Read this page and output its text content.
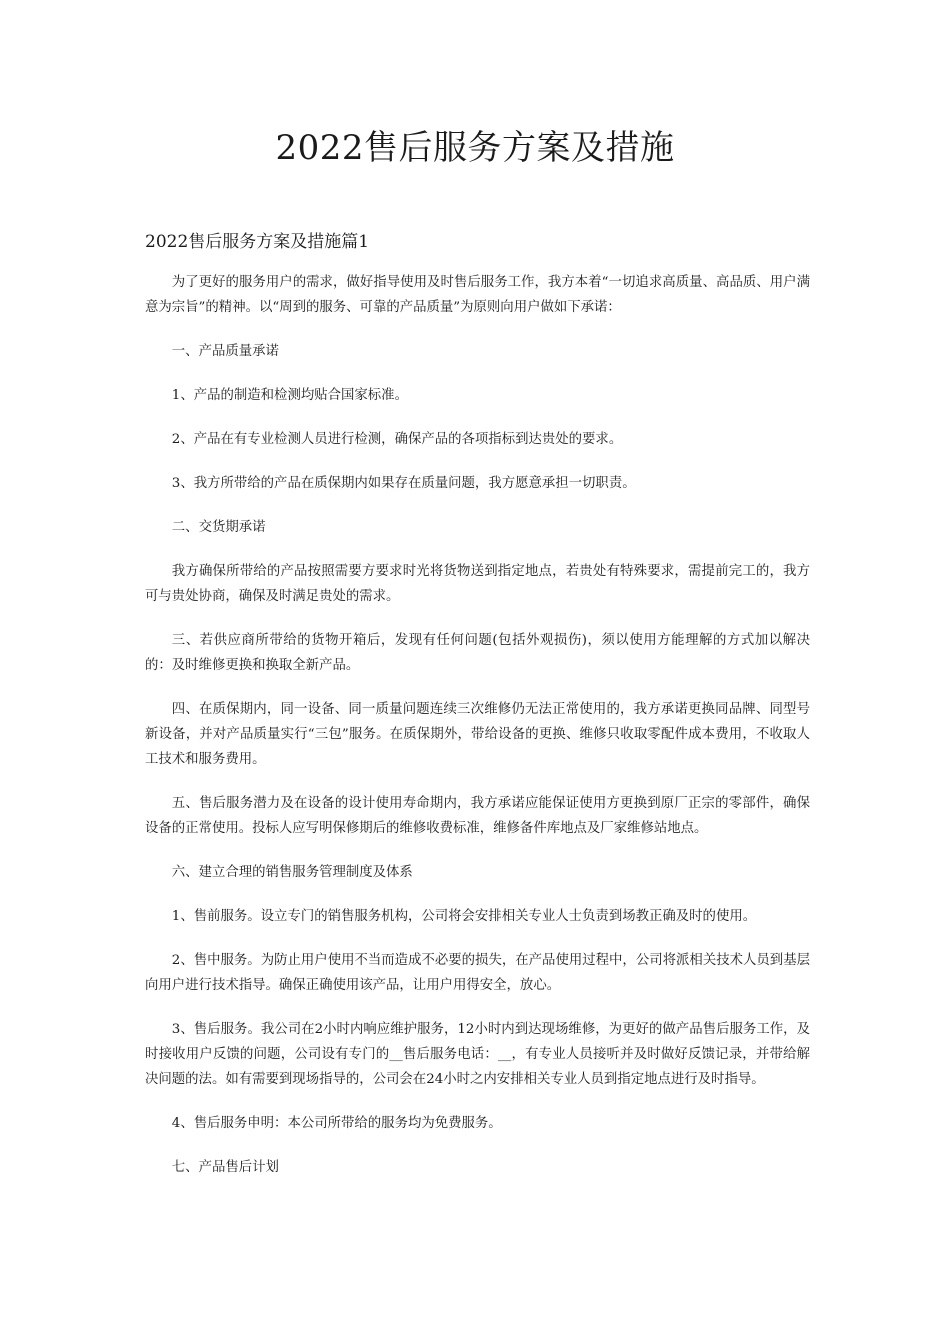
2022售后服务方案及措施
2022售后服务方案及措施篇1

为了更好的服务用户的需求，做好指导使用及时售后服务工作，我方本着“一切追求高质量、高品质、用户满意为宗旨”的精神。以“周到的服务、可靠的产品质量”为原则向用户做如下承诺：

一、产品质量承诺

1、产品的制造和检测均贴合国家标准。

2、产品在有专业检测人员进行检测，确保产品的各项指标到达贵处的要求。

3、我方所带给的产品在质保期内如果存在质量问题，我方愿意承担一切职责。

二、交货期承诺

我方确保所带给的产品按照需要方要求时光将货物送到指定地点，若贵处有特殊要求，需提前完工的，我方可与贵处协商，确保及时满足贵处的需求。

三、若供应商所带给的货物开箱后，发现有任何问题(包括外观损伤)，须以使用方能理解的方式加以解决的：及时维修更换和换取全新产品。

四、在质保期内，同一设备、同一质量问题连续三次维修仍无法正常使用的，我方承诺更换同品牌、同型号新设备，并对产品质量实行“三包”服务。在质保期外，带给设备的更换、维修只收取零配件成本费用，不收取人工技术和服务费用。

五、售后服务潜力及在设备的设计使用寿命期内，我方承诺应能保证使用方更换到原厂正宗的零部件，确保设备的正常使用。投标人应写明保修期后的维修收费标准，维修备件库地点及厂家维修站地点。

六、建立合理的销售服务管理制度及体系

1、售前服务。设立专门的销售服务机构，公司将会安排相关专业人士负责到场教正确及时的使用。

2、售中服务。为防止用户使用不当而造成不必要的损失，在产品使用过程中，公司将派相关技术人员到基层向用户进行技术指导。确保正确使用该产品，让用户用得安全，放心。

3、售后服务。我公司在2小时内响应维护服务，12小时内到达现场维修，为更好的做产品售后服务工作，及时接收用户反馈的问题，公司设有专门的__售后服务电话：__，有专业人员接听并及时做好反馈记录，并带给解决问题的法。如有需要到现场指导的，公司会在24小时之内安排相关专业人员到指定地点进行及时指导。

4、售后服务申明：本公司所带给的服务均为免费服务。

七、产品售后计划
